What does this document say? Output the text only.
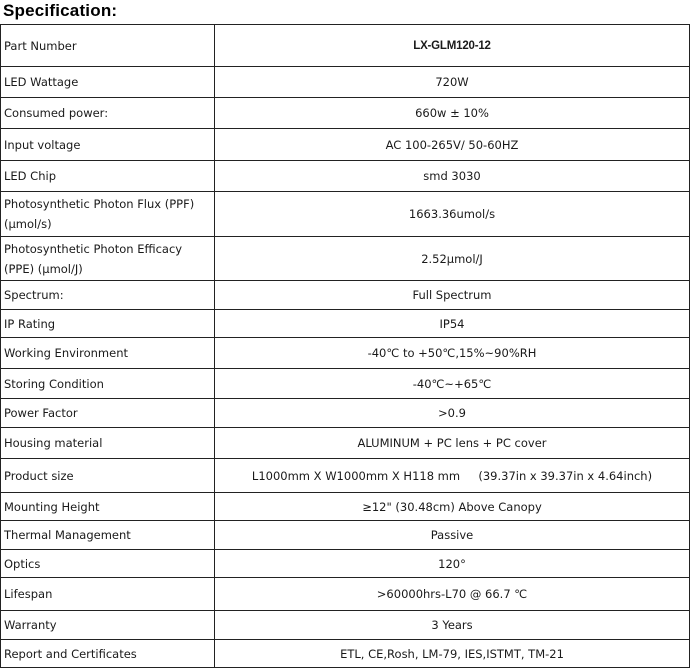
Specification:
Part Number	LX-GLM120-12
LED Wattage	720W
Consumed power:	660w ± 10%
Input voltage	AC 100-265V/ 50-60HZ
LED Chip	smd 3030
Photosynthetic Photon Flux (PPF) (μmol/s)	1663.36umol/s
Photosynthetic Photon Efficacy (PPE) (μmol/J)	2.52μmol/J
Spectrum:	Full Spectrum
IP Rating	IP54
Working Environment	-40℃ to +50℃,15%~90%RH
Storing Condition	-40℃~+65℃
Power Factor	>0.9
Housing material	ALUMINUM + PC lens + PC cover
Product size	L1000mm X W1000mm X H118 mm     (39.37in x 39.37in x 4.64inch)
Mounting Height	≥12" (30.48cm) Above Canopy
Thermal Management	Passive
Optics	120°
Lifespan	>60000hrs-L70 @ 66.7 ℃
Warranty	3 Years
Report and Certificates	ETL, CE,Rosh, LM-79, IES,ISTMT, TM-21
